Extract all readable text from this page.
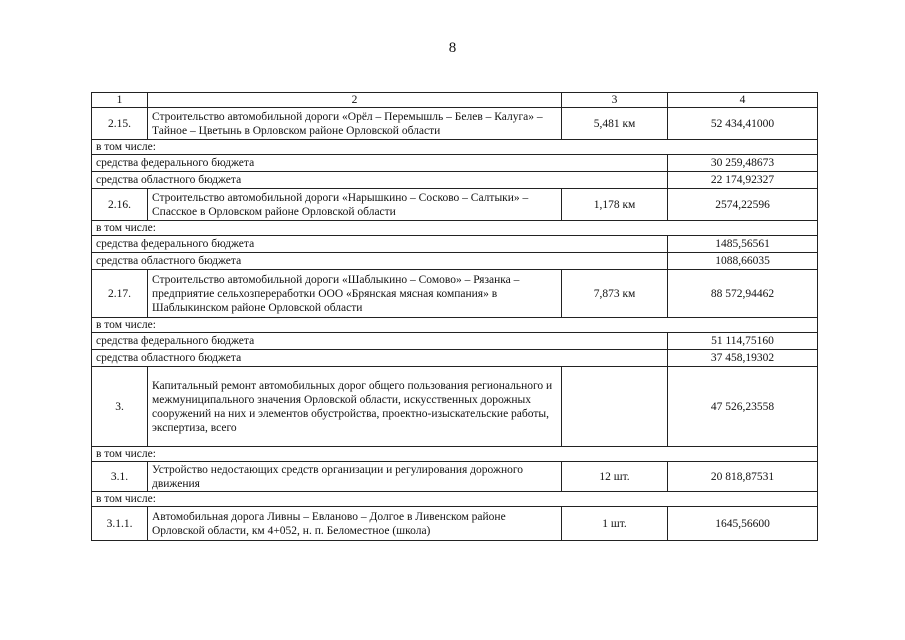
8
1	2	3	4
2.15.	Строительство автомобильной дороги «Орёл – Перемышль – Белев – Калуга» – Тайное – Цветынь в Орловском районе Орловской области	5,481 км	52 434,41000
в том числе:			
средства федерального бюджета			30 259,48673
средства областного бюджета			22 174,92327
2.16.	Строительство автомобильной дороги «Нарышкино – Сосково – Салтыки» – Спасское в Орловском районе Орловской области	1,178 км	2574,22596
в том числе:			
средства федерального бюджета			1485,56561
средства областного бюджета			1088,66035
2.17.	Строительство автомобильной дороги «Шаблыкино – Сомово» – Рязанка – предприятие сельхозпереработки ООО «Брянская мясная компания» в Шаблыкинском районе Орловской области	7,873 км	88 572,94462
в том числе:			
средства федерального бюджета			51 114,75160
средства областного бюджета			37 458,19302
3.	Капитальный ремонт автомобильных дорог общего пользования регионального и межмуниципального значения Орловской области, искусственных дорожных сооружений на них и элементов обустройства, проектно-изыскательские работы, экспертиза, всего		47 526,23558
в том числе:			
3.1.	Устройство недостающих средств организации и регулирования дорожного движения	12 шт.	20 818,87531
в том числе:			
3.1.1.	Автомобильная дорога Ливны – Евланово – Долгое в Ливенском районе Орловской области, км 4+052, н. п. Беломестное (школа)	1 шт.	1645,56600
